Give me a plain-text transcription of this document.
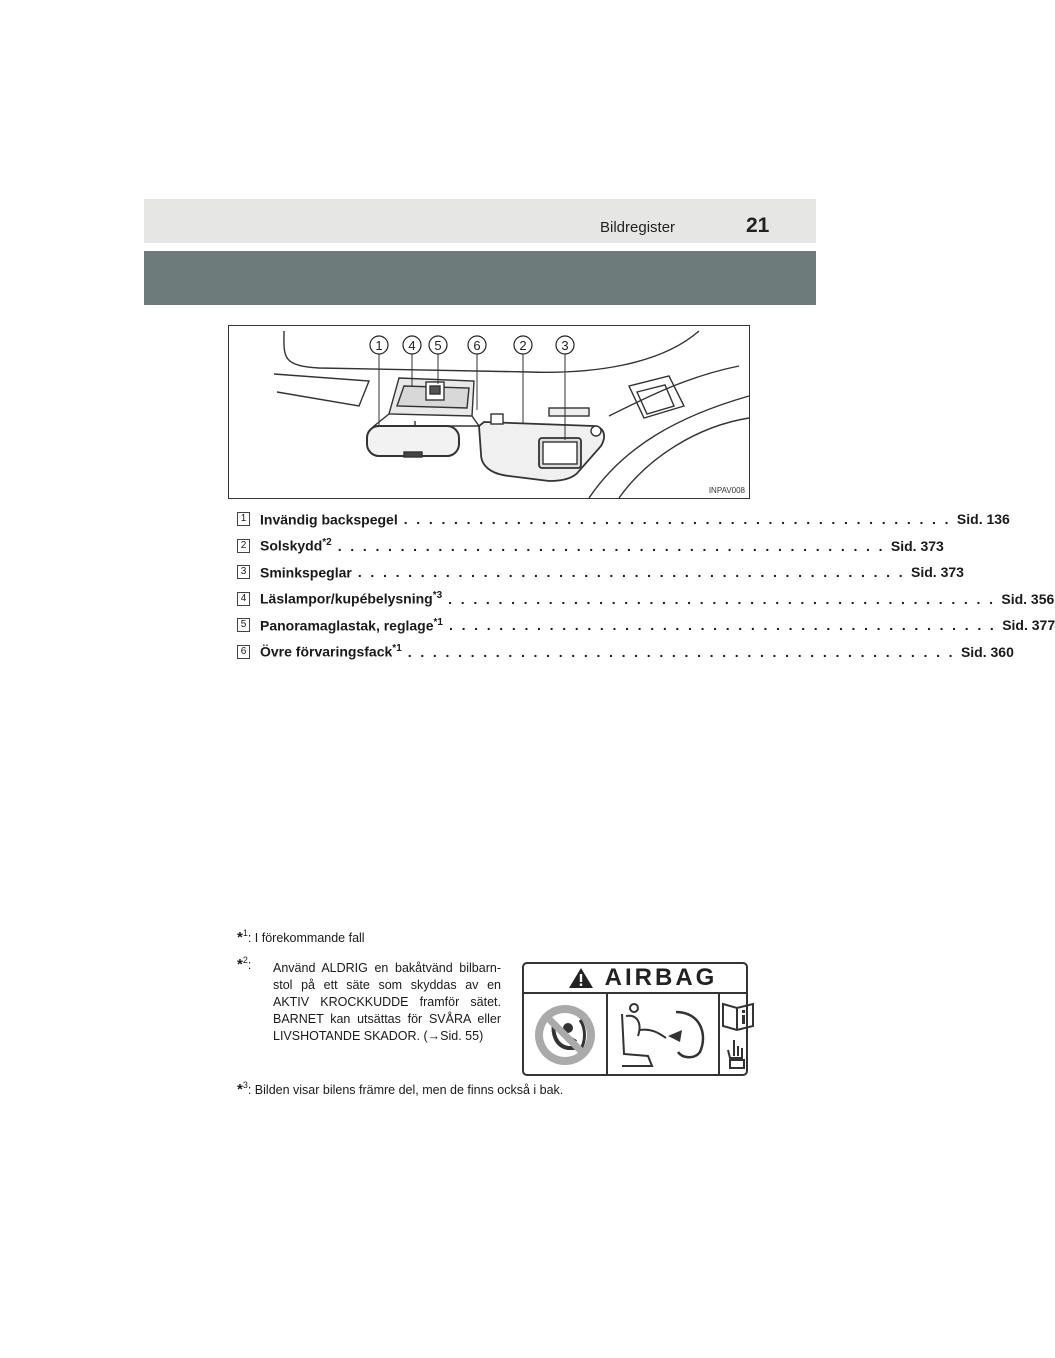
Bildregister	21
1 4 5 6	2	3
INPAV008
1 Invändig backspegel . . . . . . . . . . . . . . . . . . . . . . . . . . . . . . . . . . . . . . . . . . . . Sid. 136
2 Solskydd$^{*2}$ . . . . . . . . . . . . . . . . . . . . . . . . . . . . . . . . . . . . . . . . . . . . Sid. 373
3 Sminkspeglar . . . . . . . . . . . . . . . . . . . . . . . . . . . . . . . . . . . . . . . . . . . . Sid. 373
4 Läslampor/kupébelysning$^{*3}$ . . . . . . . . . . . . . . . . . . . . . . . . . . . . . . . . . . . . . . . . . . . . Sid. 356
5 Panoramaglastak, reglage$^{*1}$ . . . . . . . . . . . . . . . . . . . . . . . . . . . . . . . . . . . . . . . . . . . . Sid. 377
6 Övre förvaringsfack$^{*1}$ . . . . . . . . . . . . . . . . . . . . . . . . . . . . . . . . . . . . . . . . . . . . Sid. 360
*$^1$: I förekommande fall
*$^2$: Använd ALDRIG en bakåtvänd bilbarn-stol på ett säte som skyddas av en AKTIV KROCKKUDDE framför sätet. BARNET kan utsättas för SVÅRA eller LIVSHOTANDE SKADOR. (→Sid. 55)
AIRBAG
*$^3$: Bilden visar bilens främre del, men de finns också i bak.
